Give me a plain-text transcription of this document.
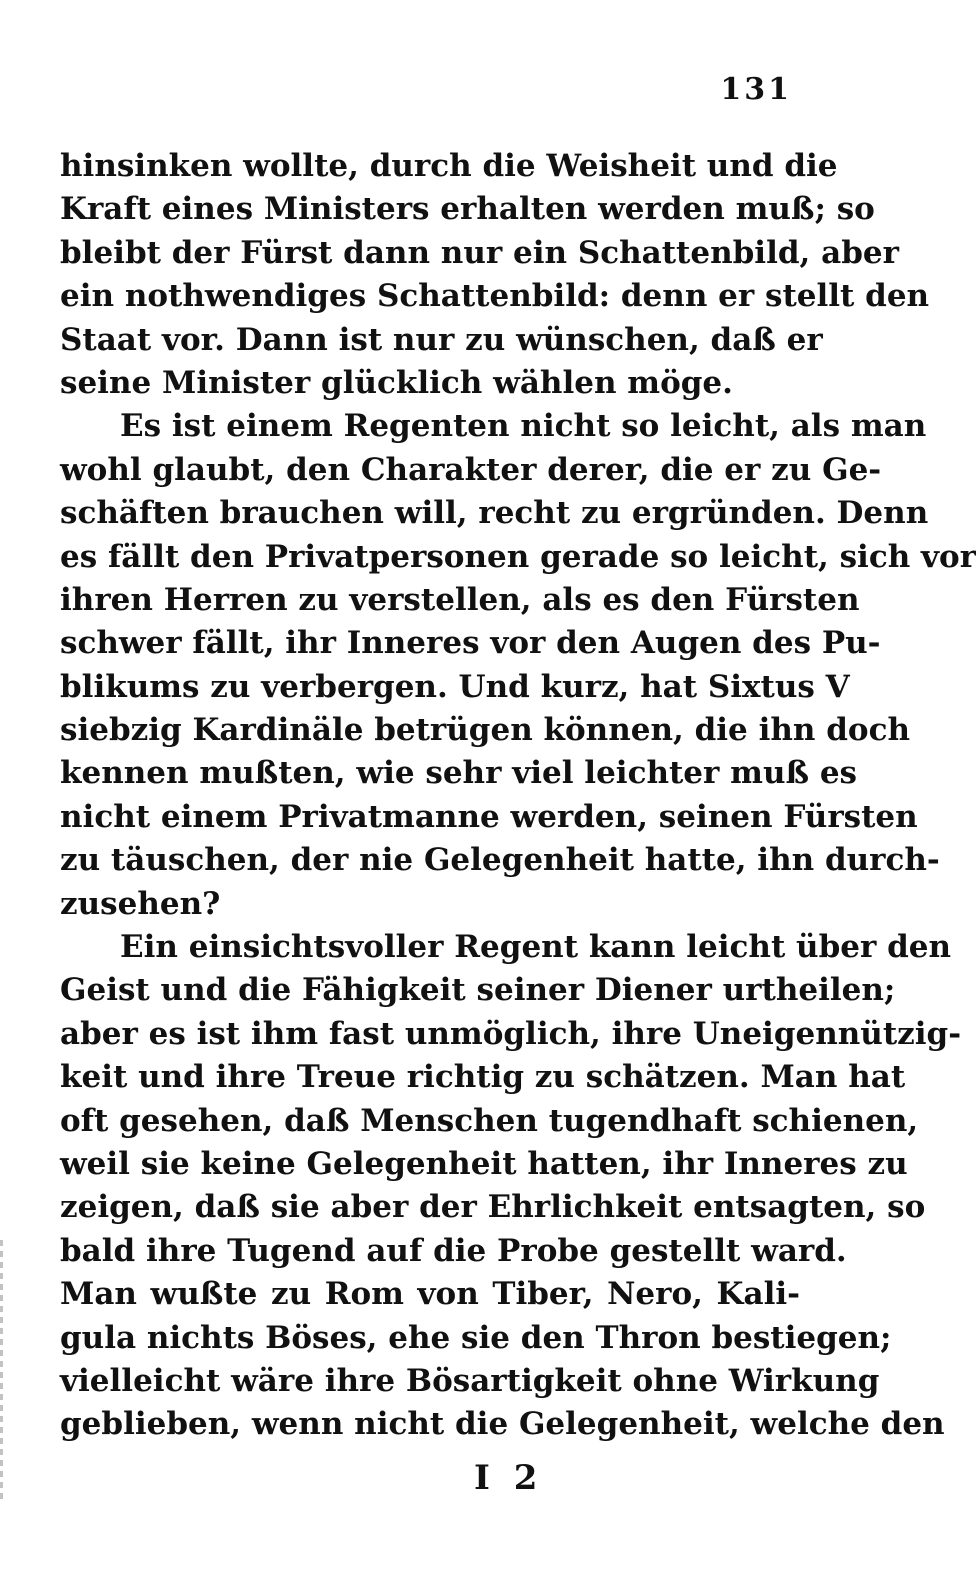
131
hinsinken wollte, durch die Weisheit und die
Kraft eines Ministers erhalten werden muß; so
bleibt der Fürst dann nur ein Schattenbild, aber
ein nothwendiges Schattenbild: denn er stellt den
Staat vor. Dann ist nur zu wünschen, daß er
seine Minister glücklich wählen möge.
Es ist einem Regenten nicht so leicht, als man
wohl glaubt, den Charakter derer, die er zu Ge-
schäften brauchen will, recht zu ergründen. Denn
es fällt den Privatpersonen gerade so leicht, sich vor
ihren Herren zu verstellen, als es den Fürsten
schwer fällt, ihr Inneres vor den Augen des Pu-
blikums zu verbergen. Und kurz, hat Sixtus V
siebzig Kardinäle betrügen können, die ihn doch
kennen mußten, wie sehr viel leichter muß es
nicht einem Privatmanne werden, seinen Fürsten
zu täuschen, der nie Gelegenheit hatte, ihn durch-
zusehen?
Ein einsichtsvoller Regent kann leicht über den
Geist und die Fähigkeit seiner Diener urtheilen;
aber es ist ihm fast unmöglich, ihre Uneigennützig-
keit und ihre Treue richtig zu schätzen. Man hat
oft gesehen, daß Menschen tugendhaft schienen,
weil sie keine Gelegenheit hatten, ihr Inneres zu
zeigen, daß sie aber der Ehrlichkeit entsagten, so
bald ihre Tugend auf die Probe gestellt ward.
Man wußte zu Rom von Tiber, Nero, Kali-
gula nichts Böses, ehe sie den Thron bestiegen;
vielleicht wäre ihre Bösartigkeit ohne Wirkung
geblieben, wenn nicht die Gelegenheit, welche den
I 2
